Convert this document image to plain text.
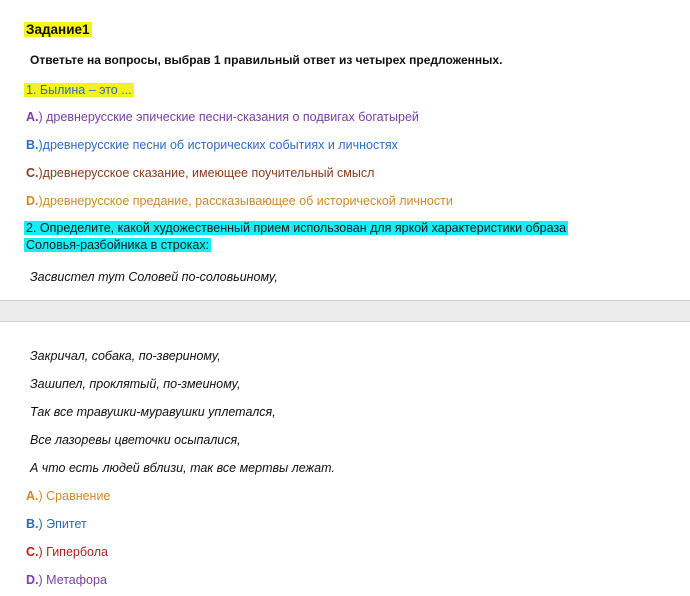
Задание1
Ответьте на вопросы, выбрав 1 правильный ответ из четырех предложенных.
1. Былина – это ...
A.) древнерусские эпические песни-сказания о подвигах богатырей
B.)древнерусские песни об исторических событиях и личностях
C.)древнерусское сказание, имеющее поучительный смысл
D.)древнерусское предание, рассказывающее об исторической личности
2. Определите, какой художественный прием использован для яркой характеристики образа
Соловья-разбойника в строках:
Засвистел тут Соловей по-соловьиному,
Закричал, собака, по-звериному,
Зашипел, проклятый, по-змеиному,
Так все травушки-муравушки уплетался,
Все лазоревы цветочки осыпалися,
А что есть людей вблизи, так все мертвы лежат.
A.) Сравнение
B.) Эпитет
C.) Гипербола
D.) Метафора
